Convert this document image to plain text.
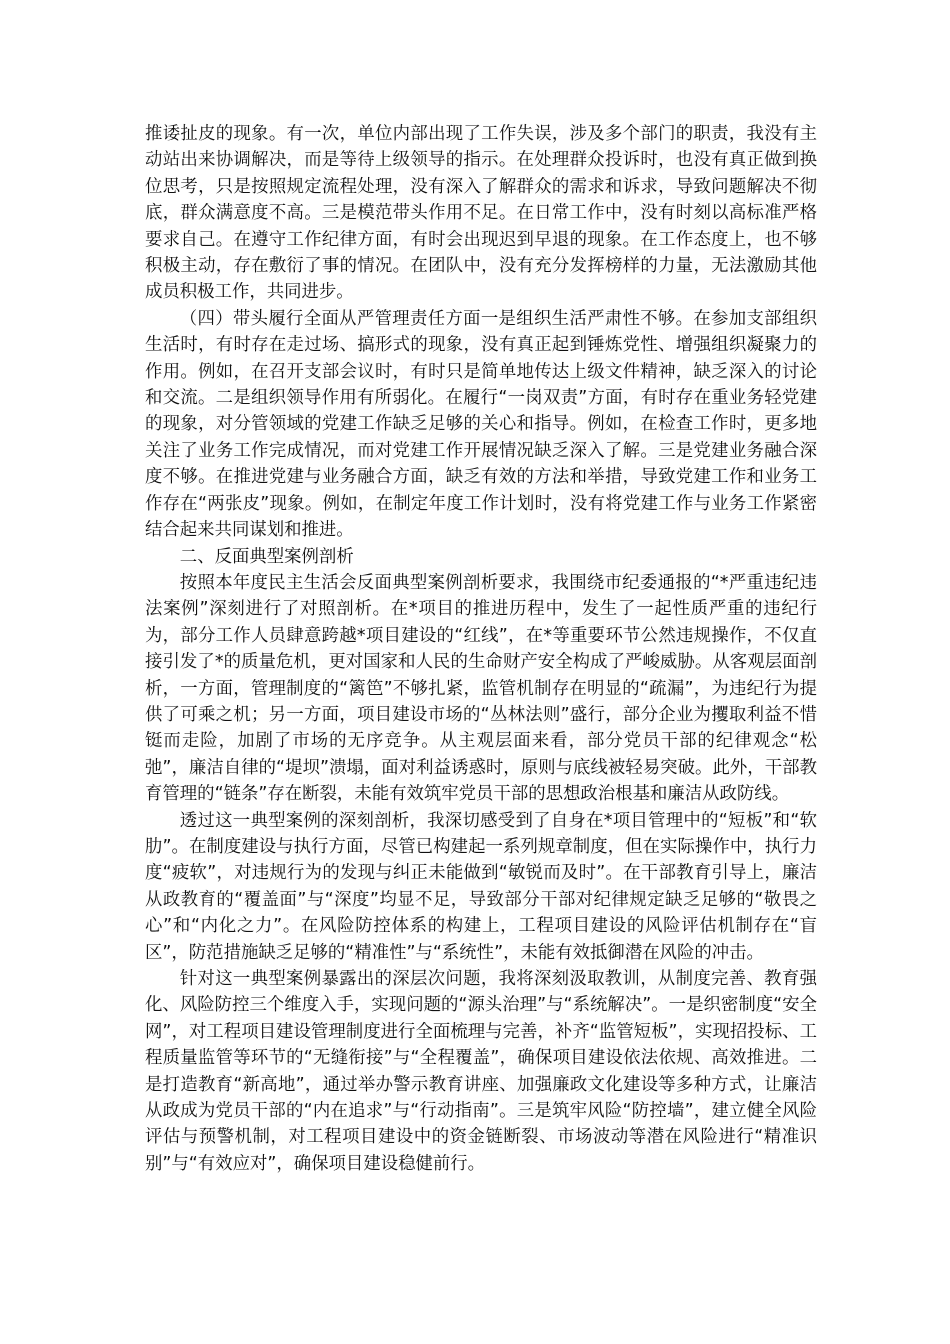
推诿扯皮的现象。有一次，单位内部出现了工作失误，涉及多个部门的职责，我没有主动站出来协调解决，而是等待上级领导的指示。在处理群众投诉时，也没有真正做到换位思考，只是按照规定流程处理，没有深入了解群众的需求和诉求，导致问题解决不彻底，群众满意度不高。三是模范带头作用不足。在日常工作中，没有时刻以高标准严格要求自己。在遵守工作纪律方面，有时会出现迟到早退的现象。在工作态度上，也不够积极主动，存在敷衍了事的情况。在团队中，没有充分发挥榜样的力量，无法激励其他成员积极工作，共同进步。

（四）带头履行全面从严管理责任方面一是组织生活严肃性不够。在参加支部组织生活时，有时存在走过场、搞形式的现象，没有真正起到锤炼党性、增强组织凝聚力的作用。例如，在召开支部会议时，有时只是简单地传达上级文件精神，缺乏深入的讨论和交流。二是组织领导作用有所弱化。在履行“一岗双责”方面，有时存在重业务轻党建的现象，对分管领域的党建工作缺乏足够的关心和指导。例如，在检查工作时，更多地关注了业务工作完成情况，而对党建工作开展情况缺乏深入了解。三是党建业务融合深度不够。在推进党建与业务融合方面，缺乏有效的方法和举措，导致党建工作和业务工作存在“两张皮”现象。例如，在制定年度工作计划时，没有将党建工作与业务工作紧密结合起来共同谋划和推进。

二、反面典型案例剖析

按照本年度民主生活会反面典型案例剖析要求，我围绕市纪委通报的“*严重违纪违法案例”深刻进行了对照剖析。在*项目的推进历程中，发生了一起性质严重的违纪行为，部分工作人员肆意跨越*项目建设的“红线”，在*等重要环节公然违规操作，不仅直接引发了*的质量危机，更对国家和人民的生命财产安全构成了严峻威胁。从客观层面剖析，一方面，管理制度的“篱笆”不够扎紧，监管机制存在明显的“疏漏”，为违纪行为提供了可乘之机；另一方面，项目建设市场的“丛林法则”盛行，部分企业为攫取利益不惜铤而走险，加剧了市场的无序竞争。从主观层面来看，部分党员干部的纪律观念“松弛”，廉洁自律的“堤坝”溃塌，面对利益诱惑时，原则与底线被轻易突破。此外，干部教育管理的“链条”存在断裂，未能有效筑牢党员干部的思想政治根基和廉洁从政防线。

透过这一典型案例的深刻剖析，我深切感受到了自身在*项目管理中的“短板”和“软肋”。在制度建设与执行方面，尽管已构建起一系列规章制度，但在实际操作中，执行力度“疲软”，对违规行为的发现与纠正未能做到“敏锐而及时”。在干部教育引导上，廉洁从政教育的“覆盖面”与“深度”均显不足，导致部分干部对纪律规定缺乏足够的“敬畏之心”和“内化之力”。在风险防控体系的构建上，工程项目建设的风险评估机制存在“盲区”，防范措施缺乏足够的“精准性”与“系统性”，未能有效抵御潜在风险的冲击。

针对这一典型案例暴露出的深层次问题，我将深刻汲取教训，从制度完善、教育强化、风险防控三个维度入手，实现问题的“源头治理”与“系统解决”。一是织密制度“安全网”，对工程项目建设管理制度进行全面梳理与完善，补齐“监管短板”，实现招投标、工程质量监管等环节的“无缝衔接”与“全程覆盖”，确保项目建设依法依规、高效推进。二是打造教育“新高地”，通过举办警示教育讲座、加强廉政文化建设等多种方式，让廉洁从政成为党员干部的“内在追求”与“行动指南”。三是筑牢风险“防控墙”，建立健全风险评估与预警机制，对工程项目建设中的资金链断裂、市场波动等潜在风险进行“精准识别”与“有效应对”，确保项目建设稳健前行。
